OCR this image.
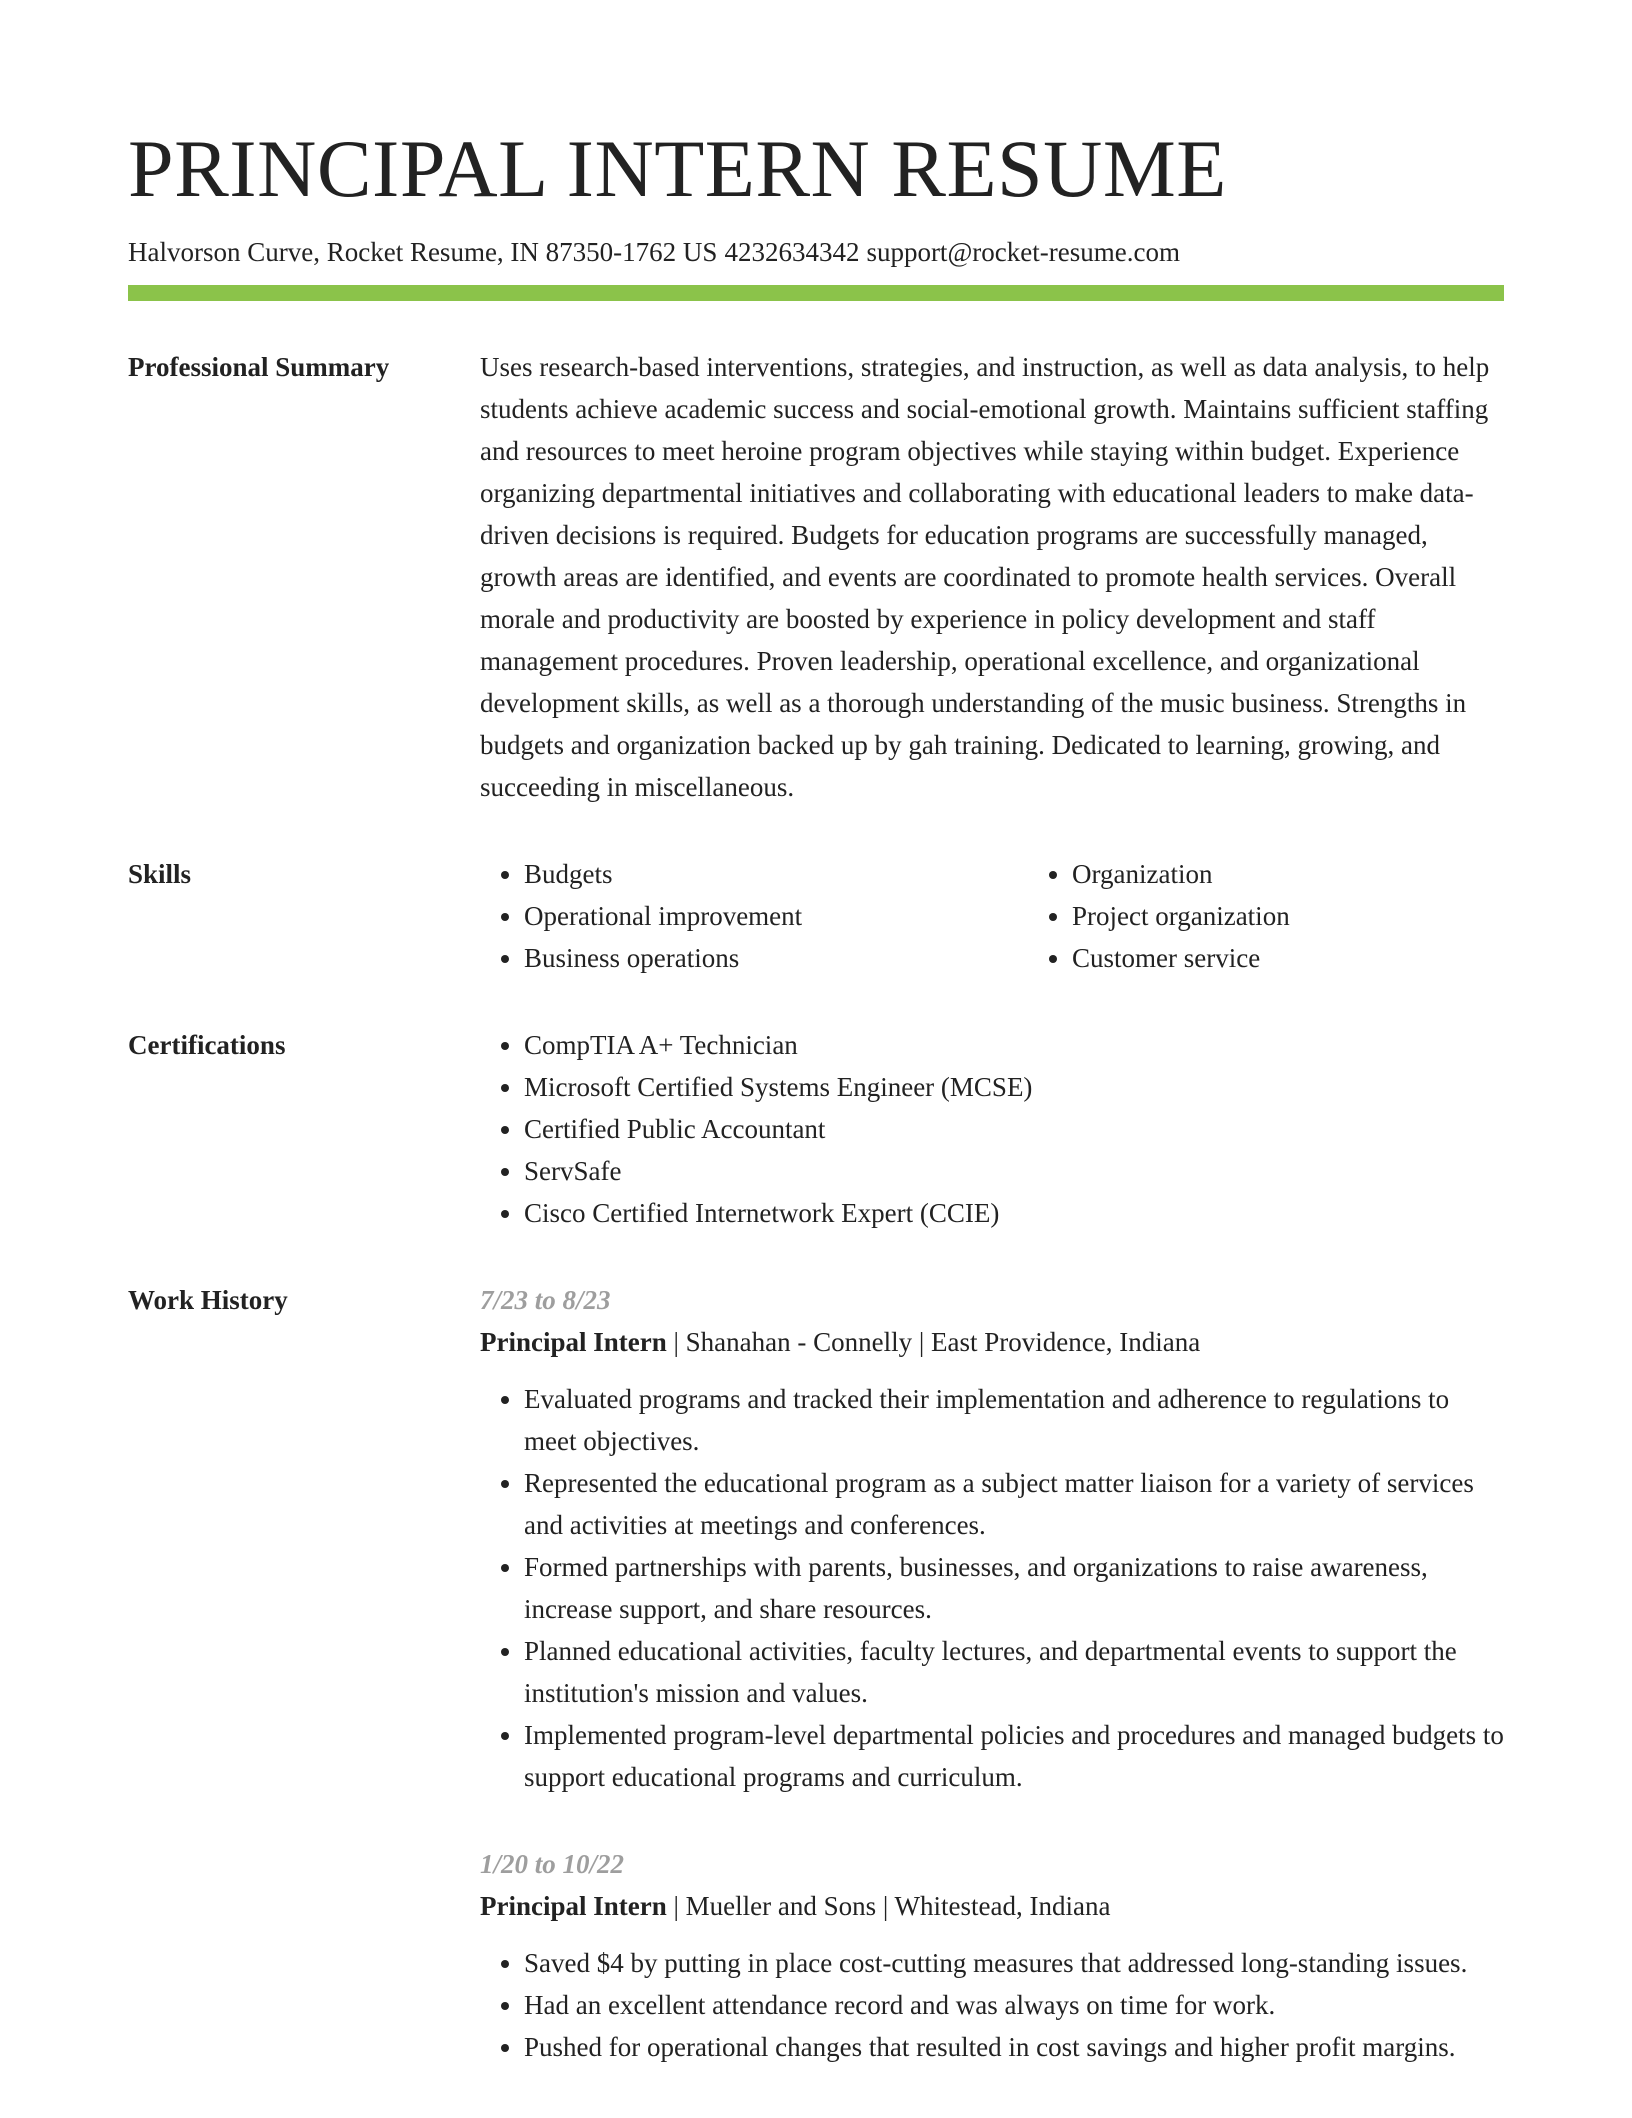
PRINCIPAL INTERN RESUME
Halvorson Curve, Rocket Resume, IN 87350-1762 US 4232634342 support@rocket-resume.com
Professional Summary	Uses research-based interventions, strategies, and instruction, as well as data analysis, to help students achieve academic success and social-emotional growth. Maintains sufficient staffing and resources to meet heroine program objectives while staying within budget. Experience organizing departmental initiatives and collaborating with educational leaders to make data-driven decisions is required. Budgets for education programs are successfully managed, growth areas are identified, and events are coordinated to promote health services. Overall morale and productivity are boosted by experience in policy development and staff management procedures. Proven leadership, operational excellence, and organizational development skills, as well as a thorough understanding of the music business. Strengths in budgets and organization backed up by gah training. Dedicated to learning, growing, and succeeding in miscellaneous.

Skills	• Budgets
• Operational improvement
• Business operations
• Organization
• Project organization
• Customer service
Certifications	• CompTIA A+ Technician
• Microsoft Certified Systems Engineer (MCSE)
• Certified Public Accountant
• ServSafe
• Cisco Certified Internetwork Expert (CCIE)
Work History	7/23 to 8/23
Principal Intern | Shanahan - Connelly | East Providence, Indiana
• Evaluated programs and tracked their implementation and adherence to regulations to meet objectives.
• Represented the educational program as a subject matter liaison for a variety of services and activities at meetings and conferences.
• Formed partnerships with parents, businesses, and organizations to raise awareness, increase support, and share resources.
• Planned educational activities, faculty lectures, and departmental events to support the institution's mission and values.
• Implemented program-level departmental policies and procedures and managed budgets to support educational programs and curriculum.
1/20 to 10/22
Principal Intern | Mueller and Sons | Whitestead, Indiana
• Saved $4 by putting in place cost-cutting measures that addressed long-standing issues.
• Had an excellent attendance record and was always on time for work.
• Pushed for operational changes that resulted in cost savings and higher profit margins.
